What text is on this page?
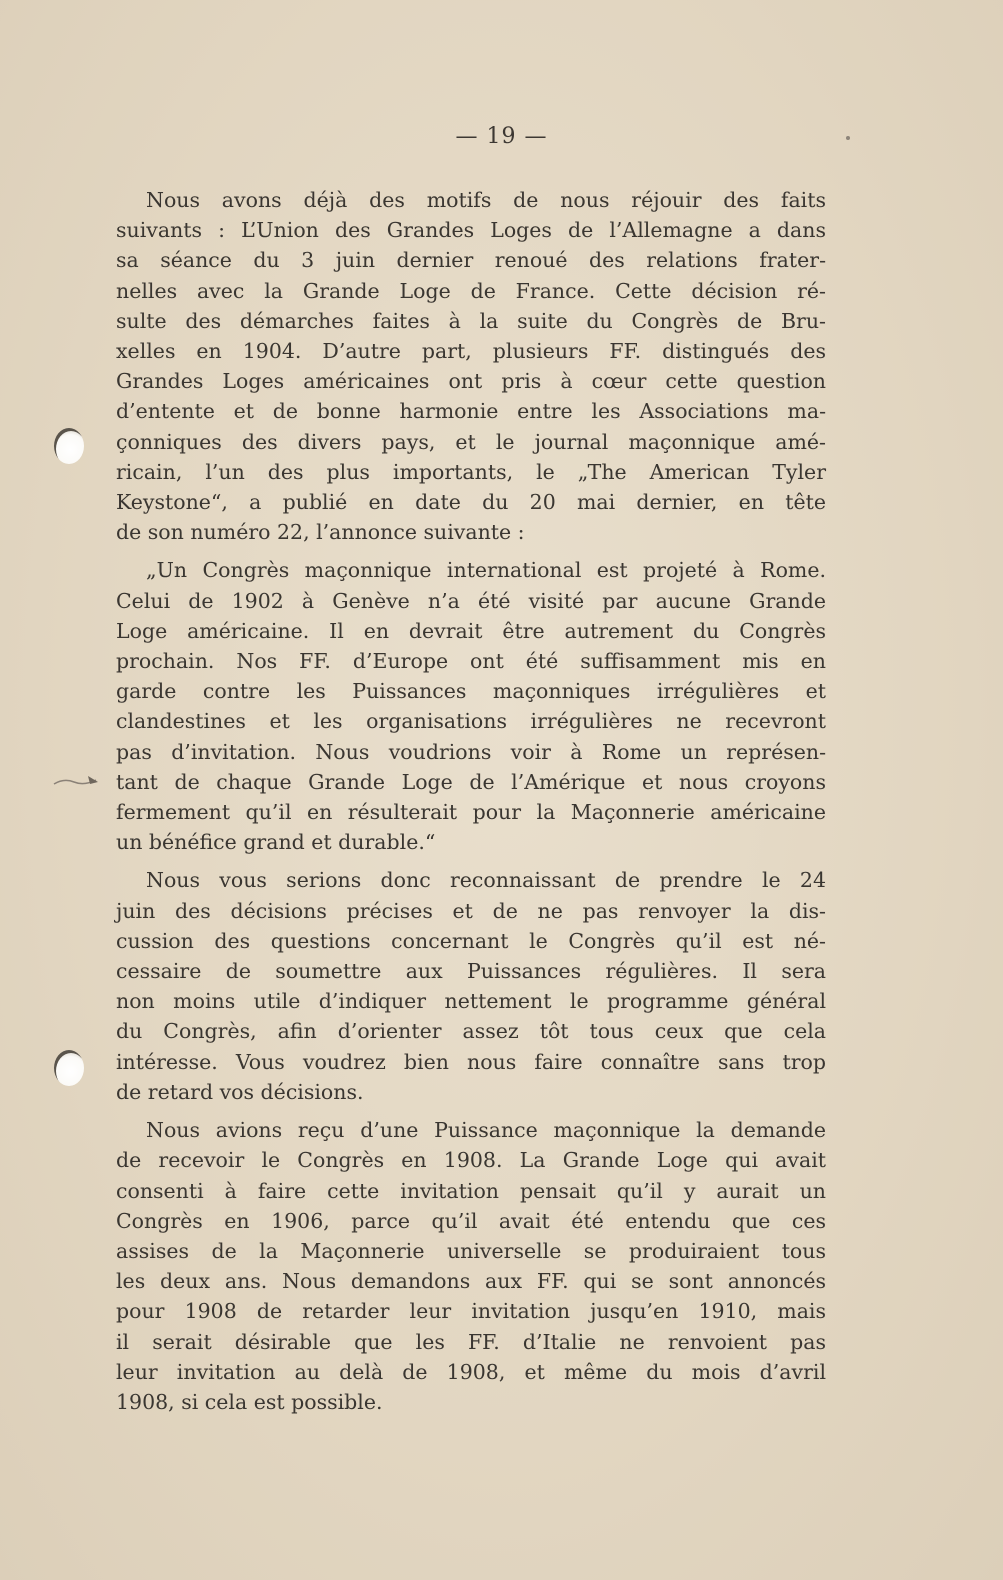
— 19 —
Nous avons déjà des motifs de nous réjouir des faits
suivants : L’Union des Grandes Loges de l’Allemagne a dans
sa séance du 3 juin dernier renoué des relations frater-
nelles avec la Grande Loge de France. Cette décision ré-
sulte des démarches faites à la suite du Congrès de Bru-
xelles en 1904. D’autre part, plusieurs FF. distingués des
Grandes Loges américaines ont pris à cœur cette question
d’entente et de bonne harmonie entre les Associations ma-
çonniques des divers pays, et le journal maçonnique amé-
ricain, l’un des plus importants, le „The American Tyler
Keystone“, a publié en date du 20 mai dernier, en tête
de son numéro 22, l’annonce suivante :
„Un Congrès maçonnique international est projeté à Rome.
Celui de 1902 à Genève n’a été visité par aucune Grande
Loge américaine. Il en devrait être autrement du Congrès
prochain. Nos FF. d’Europe ont été suffisamment mis en
garde contre les Puissances maçonniques irrégulières et
clandestines et les organisations irrégulières ne recevront
pas d’invitation. Nous voudrions voir à Rome un représen-
tant de chaque Grande Loge de l’Amérique et nous croyons
fermement qu’il en résulterait pour la Maçonnerie américaine
un bénéfice grand et durable.“
Nous vous serions donc reconnaissant de prendre le 24
juin des décisions précises et de ne pas renvoyer la dis-
cussion des questions concernant le Congrès qu’il est né-
cessaire de soumettre aux Puissances régulières. Il sera
non moins utile d’indiquer nettement le programme général
du Congrès, afin d’orienter assez tôt tous ceux que cela
intéresse. Vous voudrez bien nous faire connaître sans trop
de retard vos décisions.
Nous avions reçu d’une Puissance maçonnique la demande
de recevoir le Congrès en 1908. La Grande Loge qui avait
consenti à faire cette invitation pensait qu’il y aurait un
Congrès en 1906, parce qu’il avait été entendu que ces
assises de la Maçonnerie universelle se produiraient tous
les deux ans. Nous demandons aux FF. qui se sont annoncés
pour 1908 de retarder leur invitation jusqu’en 1910, mais
il serait désirable que les FF. d’Italie ne renvoient pas
leur invitation au delà de 1908, et même du mois d’avril
1908, si cela est possible.
